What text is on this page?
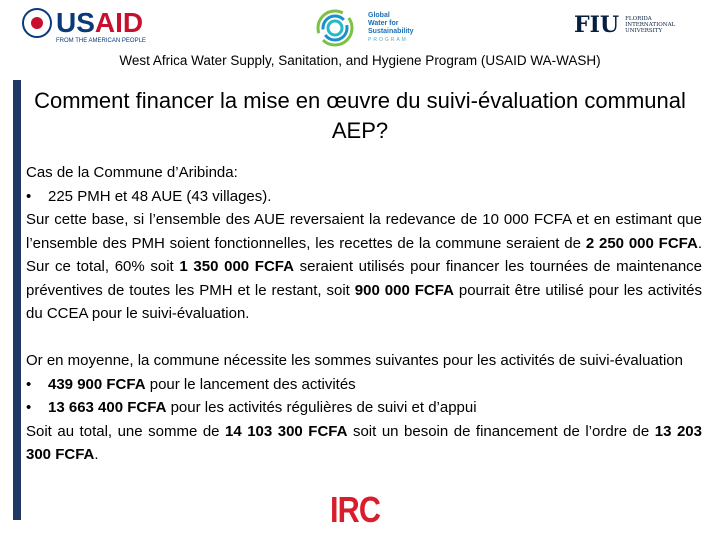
USAID
FROM THE AMERICAN PEOPLE
Global
Water for
Sustainability
PROGRAM
FIU FLORIDA
INTERNATIONAL
UNIVERSITY
West Africa Water Supply, Sanitation, and Hygiene Program (USAID WA-WASH)
Comment financer la mise en œuvre du suivi-évaluation communal AEP?

Cas de la Commune d’Aribinda:

• 225 PMH et 48 AUE (43 villages).

Sur cette base, si l’ensemble des AUE reversaient la redevance de 10 000 FCFA et en estimant que l’ensemble des PMH soient fonctionnelles, les recettes de la commune seraient de 2 250 000 FCFA. Sur ce total, 60% soit 1 350 000 FCFA seraient utilisés pour financer les tournées de maintenance préventives de toutes les PMH et le restant, soit 900 000 FCFA pourrait être utilisé pour les activités du CCEA pour le suivi-évaluation.

Or en moyenne, la commune nécessite les sommes suivantes pour les activités de suivi-évaluation

• 439 900 FCFA pour le lancement des activités

• 13 663 400 FCFA pour les activités régulières de suivi et d’appui

Soit au total, une somme de 14 103 300 FCFA soit un besoin de financement de l’ordre de 13 203 300 FCFA.

IRC
